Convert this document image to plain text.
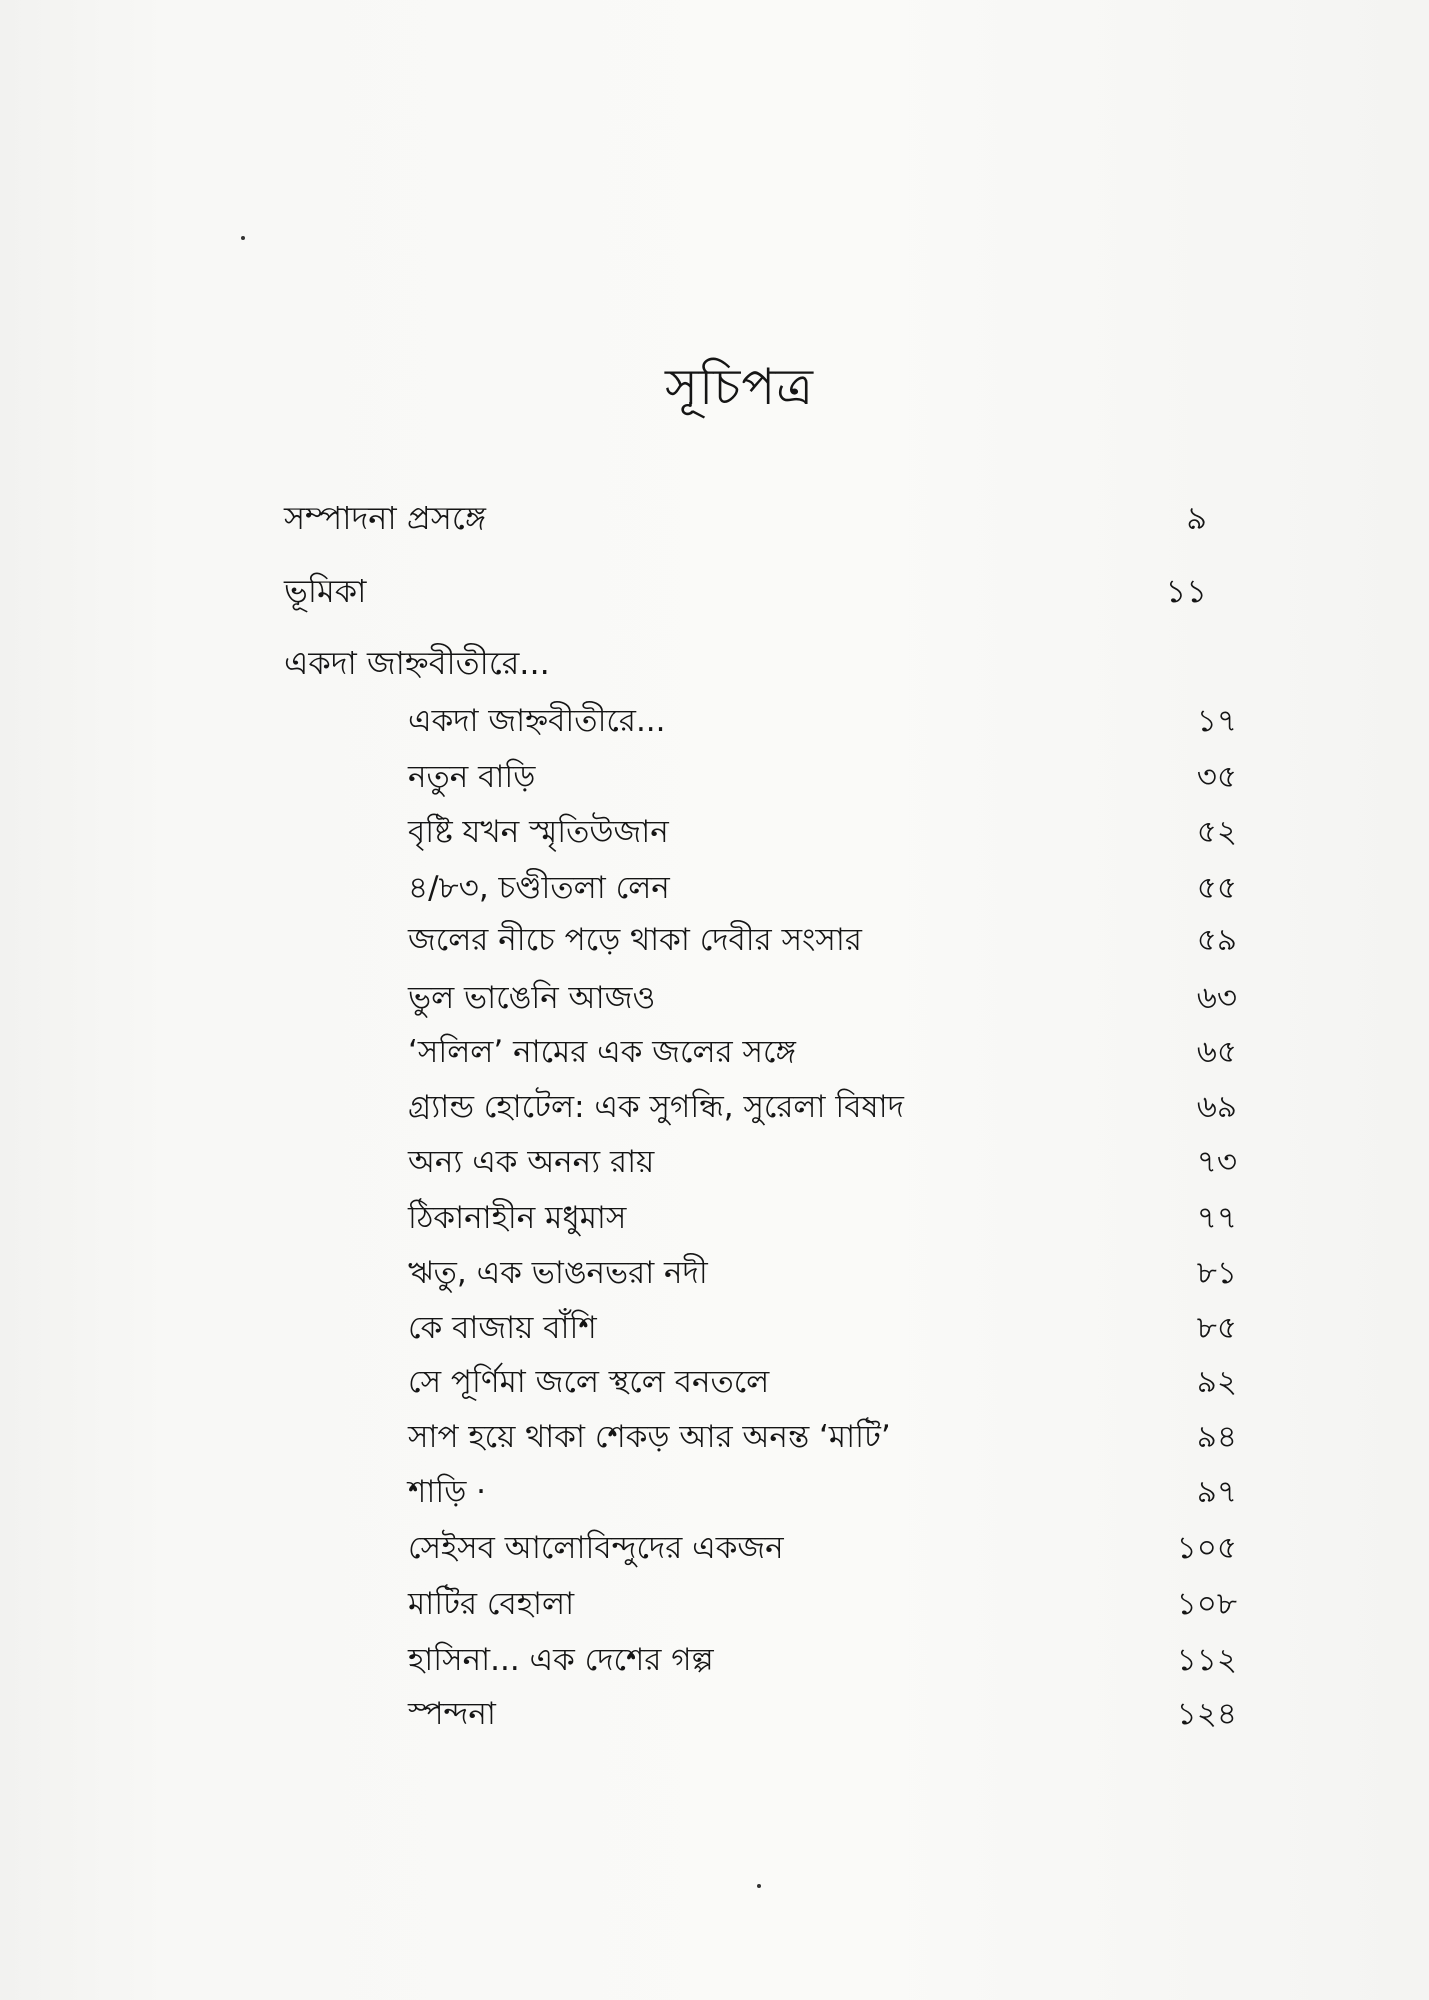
সূচিপত্র
সম্পাদনা প্রসঙ্গে	৯
ভূমিকা	১১
একদা জাহ্নবীতীরে...
একদা জাহ্নবীতীরে...	১৭
নতুন বাড়ি	৩৫
বৃষ্টি যখন স্মৃতিউজান	৫২
৪/৮৩, চণ্ডীতলা লেন	৫৫
জলের নীচে পড়ে থাকা দেবীর সংসার	৫৯
ভুল ভাঙেনি আজও	৬৩
‘সলিল’ নামের এক জলের সঙ্গে	৬৫
গ্র্যান্ড হোটেল: এক সুগন্ধি, সুরেলা বিষাদ	৬৯
অন্য এক অনন্য রায়	৭৩
ঠিকানাহীন মধুমাস	৭৭
ঋতু, এক ভাঙনভরা নদী	৮১
কে বাজায় বাঁশি	৮৫
সে পূর্ণিমা জলে স্থলে বনতলে	৯২
সাপ হয়ে থাকা শেকড় আর অনন্ত ‘মাটি’	৯৪
শাড়ি ·	৯৭
সেইসব আলোবিন্দুদের একজন	১০৫
মাটির বেহালা	১০৮
হাসিনা... এক দেশের গল্প	১১২
স্পন্দনা	১২৪
